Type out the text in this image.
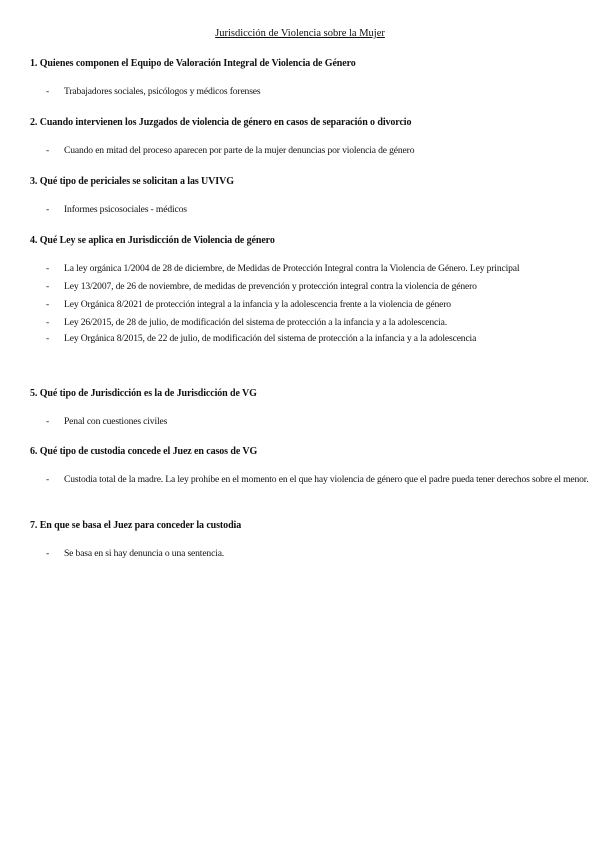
Jurisdicción de Violencia sobre la Mujer

1. Quienes componen el Equipo de Valoración Integral de Violencia de Género

- Trabajadores sociales, psicólogos y médicos forenses

2. Cuando intervienen los Juzgados de violencia de género en casos de separación o divorcio

- Cuando en mitad del proceso aparecen por parte de la mujer denuncias por violencia de género

3. Qué tipo de periciales se solicitan a las UVIVG

- Informes psicosociales - médicos

4. Qué Ley se aplica en Jurisdicción de Violencia de género

- La ley orgánica 1/2004 de 28 de diciembre, de Medidas de Protección Integral contra la Violencia de Género. Ley principal
- Ley 13/2007, de 26 de noviembre, de medidas de prevención y protección integral contra la violencia de género
- Ley Orgánica 8/2021 de protección integral a la infancia y la adolescencia frente a la violencia de género
- Ley 26/2015, de 28 de julio, de modificación del sistema de protección a la infancia y a la adolescencia.
- Ley Orgánica 8/2015, de 22 de julio, de modificación del sistema de protección a la infancia y a la adolescencia

5. Qué tipo de Jurisdicción es la de Jurisdicción de VG

- Penal con cuestiones civiles

6. Qué tipo de custodia concede el Juez en casos de VG

- Custodia total de la madre. La ley prohibe en el momento en el que hay violencia de género que el padre pueda tener derechos sobre el menor.

7. En que se basa el Juez para conceder la custodia

- Se basa en si hay denuncia o una sentencia.
